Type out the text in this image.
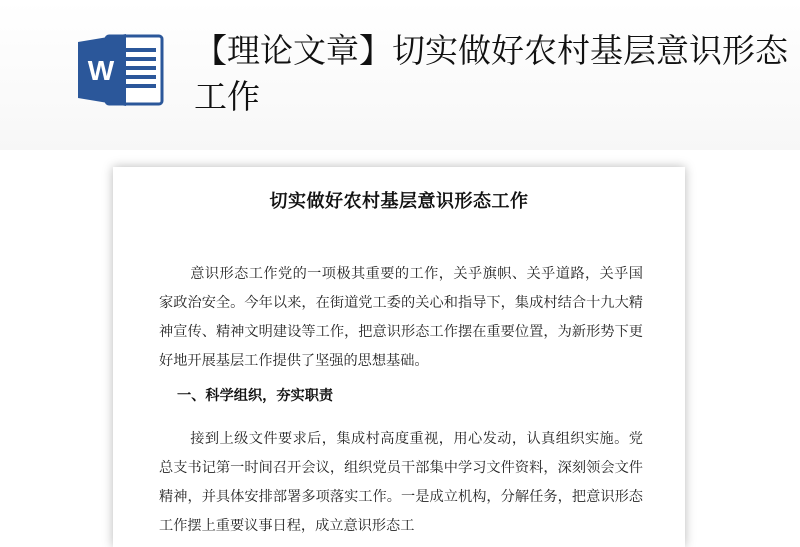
W
【理论文章】切实做好农村基层意识形态工作
切实做好农村基层意识形态工作
意识形态工作党的一项极其重要的工作，关乎旗帜、关乎道路，关乎国家政治安全。今年以来，在街道党工委的关心和指导下，集成村结合十九大精神宣传、精神文明建设等工作，把意识形态工作摆在重要位置，为新形势下更好地开展基层工作提供了坚强的思想基础。
一、科学组织，夯实职责
接到上级文件要求后，集成村高度重视，用心发动，认真组织实施。党总支书记第一时间召开会议，组织党员干部集中学习文件资料，深刻领会文件精神，并具体安排部署多项落实工作。一是成立机构，分解任务，把意识形态工作摆上重要议事日程，成立意识形态工
